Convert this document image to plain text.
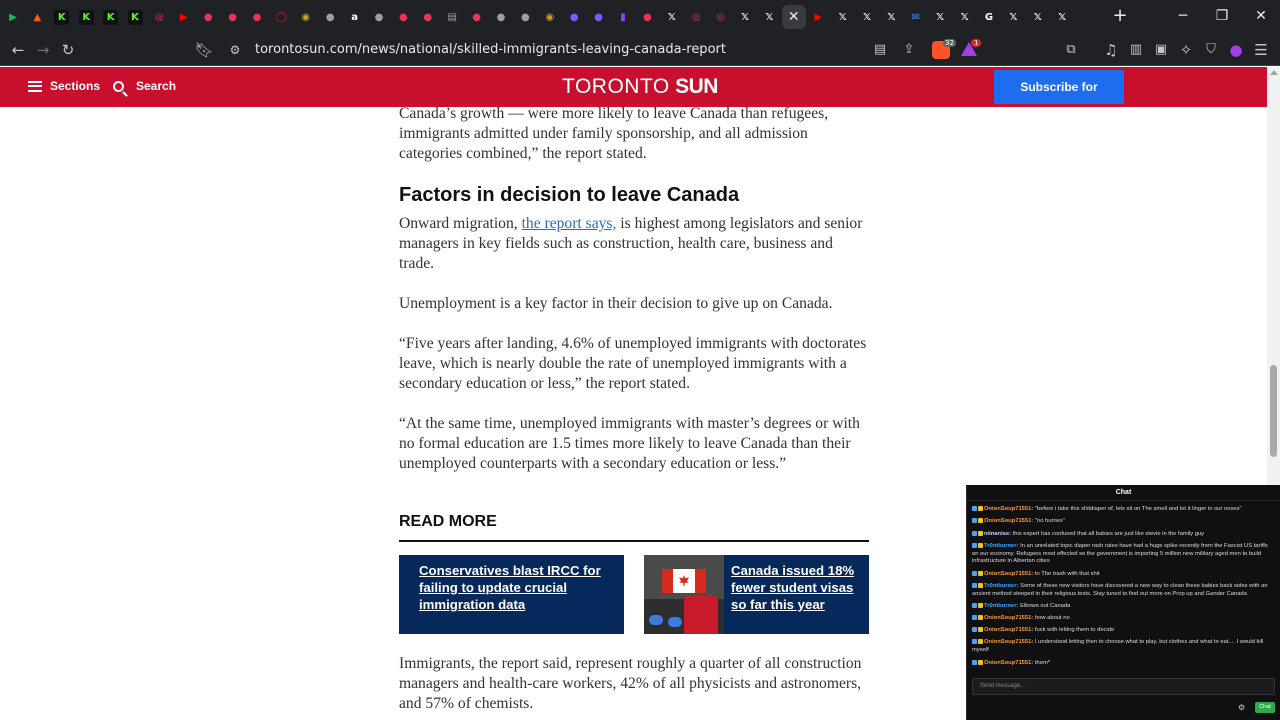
▶	▲	K	K	K	K	◎	▶	●	●	●	◯	◉	●	a	●	●	●	▤	●	●	●	◉	●	●	▮	●	𝕏	◎	◎	𝕏	𝕏 ✕	▶	𝕏	𝕏	𝕏	✉	𝕏	𝕏	G	𝕏	𝕏	𝕏	+	─	❐	✕
← → ↻	🔖︎	⚙	torontosun.com/news/national/skilled-immigrants-leaving-canada-report	▤	⇪	32	1	⧉	♫ ▥ ▣ ✧	⛉ ● ☰
Sections	Search	TORONTO SUN	Subscribe for $1/month

Canada’s growth — were more likely to leave Canada than refugees, immigrants admitted under family sponsorship, and all admission categories combined,” the report stated.

Factors in decision to leave Canada

Onward migration, the report says, is highest among legislators and senior managers in key fields such as construction, health care, business and trade.

Unemployment is a key factor in their decision to give up on Canada.

“Five years after landing, 4.6% of unemployed immigrants with doctorates leave, which is nearly double the rate of unemployed immigrants with a secondary education or less,” the report stated.

“At the same time, unemployed immigrants with master’s degrees or with no formal education are 1.5 times more likely to leave Canada than their unemployed counterparts with a secondary education or less.”

READ MORE
Conservatives blast IRCC for failing to update crucial immigration data
Canada issued 18% fewer student visas so far this year

Immigrants, the report said, represent roughly a quarter of all construction managers and health-care workers, 42% of all physicists and astronomers, and 57% of chemists.

Chat
OnionSoup71551: "before i take this shitdiaper of, lets sit on The smell and let it linger in our noses"
OnionSoup71551: "no hurries"
niinanise: this expert has confused that all babies are just like stevie in the family guy
Tr0ntburner: In an unrelated topic diaper rash rates have had a huge spike recently from the Fascist US tariffs on our economy. Refugees most effected so the government is importing 5 million new military aged men to build infrastructure in Albertan cities
OnionSoup71551: to The trash with that shit
Tr0ntburner: Some of these new visitors have discovered a new way to clean these babies back sides with an ancient method steeped in their religious texts. Stay tuned to find out more on Prop up and Gander Canada
Tr0ntburner: Elbows out Canada
OnionSoup71551: how about no
OnionSoup71551: fuck with letting them to decide
OnionSoup71551: I understand letting then to choose what to play, but clothes and what to eat.... I would kill myself
OnionSoup71551: them*
Send message...
⚙	Chat
